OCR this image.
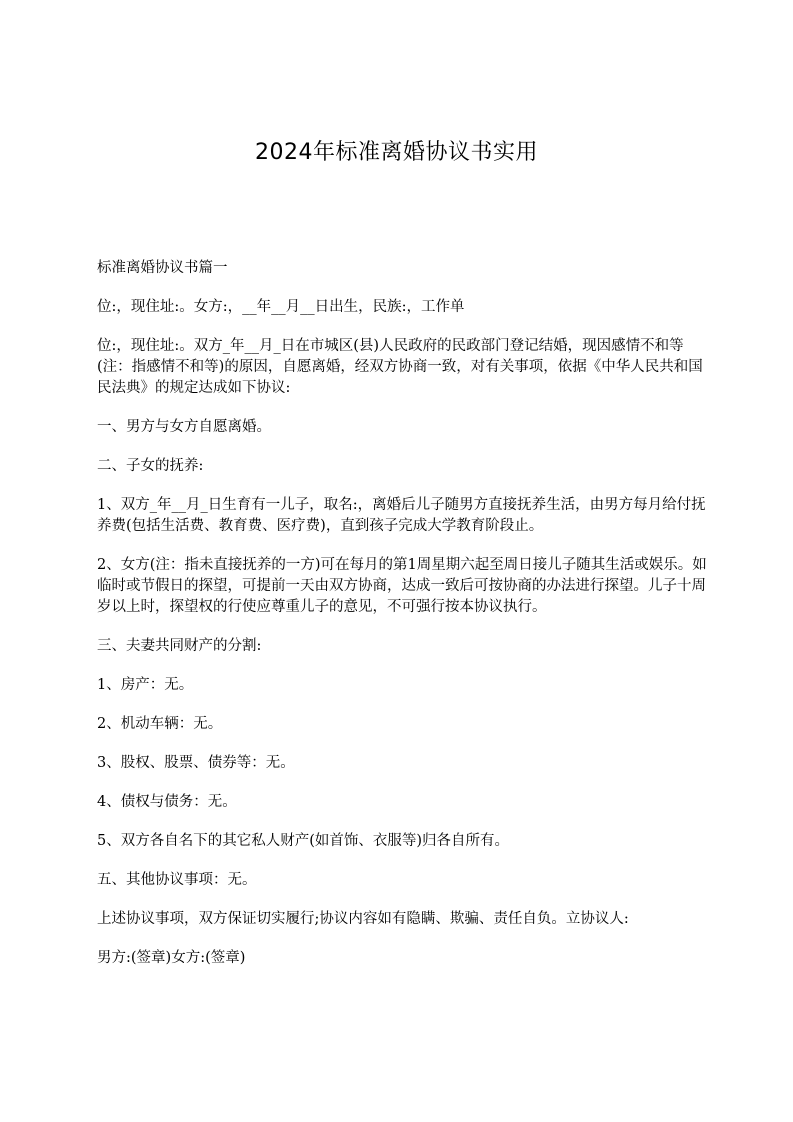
2024年标准离婚协议书实用

标准离婚协议书篇一

位:，现住址:。女方:，__年__月__日出生，民族:，工作单

位:，现住址:。双方_年__月_日在市城区(县)人民政府的民政部门登记结婚，现因感情不和等(注：指感情不和等)的原因，自愿离婚，经双方协商一致，对有关事项，依据《中华人民共和国民法典》的规定达成如下协议:

一、男方与女方自愿离婚。

二、子女的抚养:

1、双方_年__月_日生育有一儿子，取名:，离婚后儿子随男方直接抚养生活，由男方每月给付抚养费(包括生活费、教育费、医疗费)，直到孩子完成大学教育阶段止。

2、女方(注：指未直接抚养的一方)可在每月的第1周星期六起至周日接儿子随其生活或娱乐。如临时或节假日的探望，可提前一天由双方协商，达成一致后可按协商的办法进行探望。儿子十周岁以上时，探望权的行使应尊重儿子的意见，不可强行按本协议执行。

三、夫妻共同财产的分割:

1、房产：无。

2、机动车辆：无。

3、股权、股票、债券等：无。

4、债权与债务：无。

5、双方各自名下的其它私人财产(如首饰、衣服等)归各自所有。

五、其他协议事项：无。

上述协议事项，双方保证切实履行;协议内容如有隐瞒、欺骗、责任自负。立协议人:

男方:(签章)女方:(签章)
